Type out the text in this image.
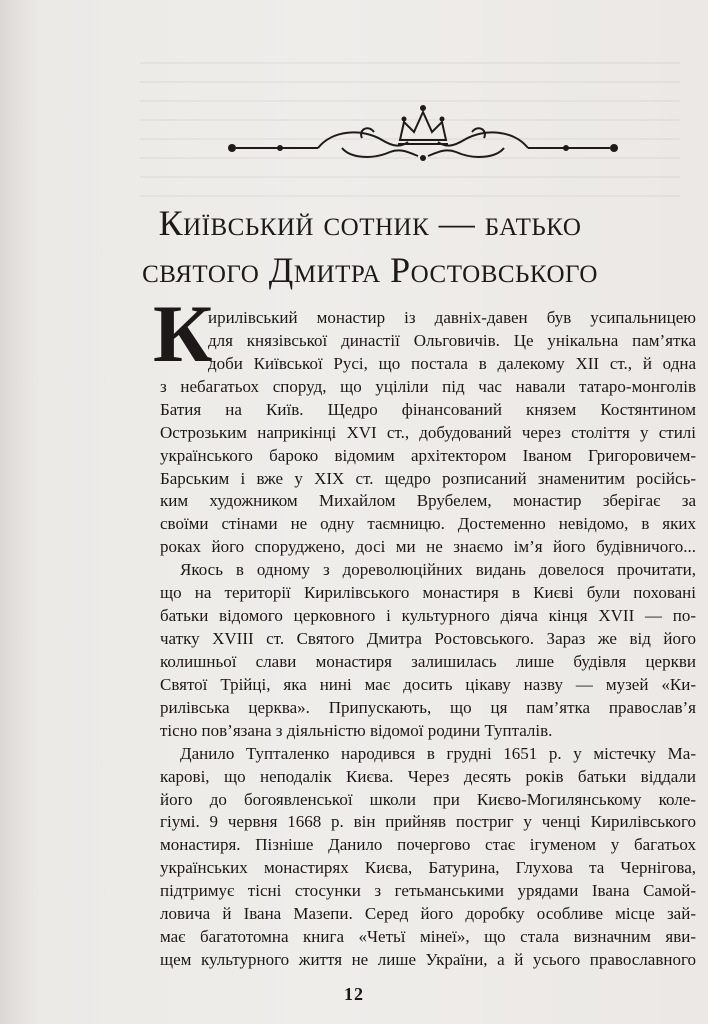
Київський сотник — батько
святого Дмитра Ростовського
К
ирилівський монастир із давніх-давен був усипальницею
для князівської династії Ольговичів. Це унікальна пам’ятка
доби Київської Русі, що постала в далекому XII ст., й одна
з небагатьох споруд, що уціліли під час навали татаро-монголів
Батия на Київ. Щедро фінансований князем Костянтином
Острозьким наприкінці XVI ст., добудований через століття у стилі
українського бароко відомим архітектором Іваном Григоровичем-
Барським і вже у XIX ст. щедро розписаний знаменитим російсь-
ким художником Михайлом Врубелем, монастир зберігає за
своїми стінами не одну таємницю. Достеменно невідомо, в яких
роках його споруджено, досі ми не знаємо ім’я його будівничого...
Якось в одному з дореволюційних видань довелося прочитати,
що на території Кирилівського монастиря в Києві були поховані
батьки відомого церковного і культурного діяча кінця XVII — по-
чатку XVIII ст. Святого Дмитра Ростовського. Зараз же від його
колишньої слави монастиря залишилась лише будівля церкви
Святої Трійці, яка нині має досить цікаву назву — музей «Ки-
рилівська церква». Припускають, що ця пам’ятка православ’я
тісно пов’язана з діяльністю відомої родини Тупталів.
Данило Тупталенко народився в грудні 1651 р. у містечку Ма-
карові, що неподалік Києва. Через десять років батьки віддали
його до богоявленської школи при Києво-Могилянському коле-
гіумі. 9 червня 1668 р. він прийняв постриг у ченці Кирилівського
монастиря. Пізніше Данило почергово стає ігуменом у багатьох
українських монастирях Києва, Батурина, Глухова та Чернігова,
підтримує тісні стосунки з гетьманськими урядами Івана Самой-
ловича й Івана Мазепи. Серед його доробку особливе місце зай-
має багатотомна книга «Четьї мінеї», що стала визначним яви-
щем культурного життя не лише України, а й усього православного
12
